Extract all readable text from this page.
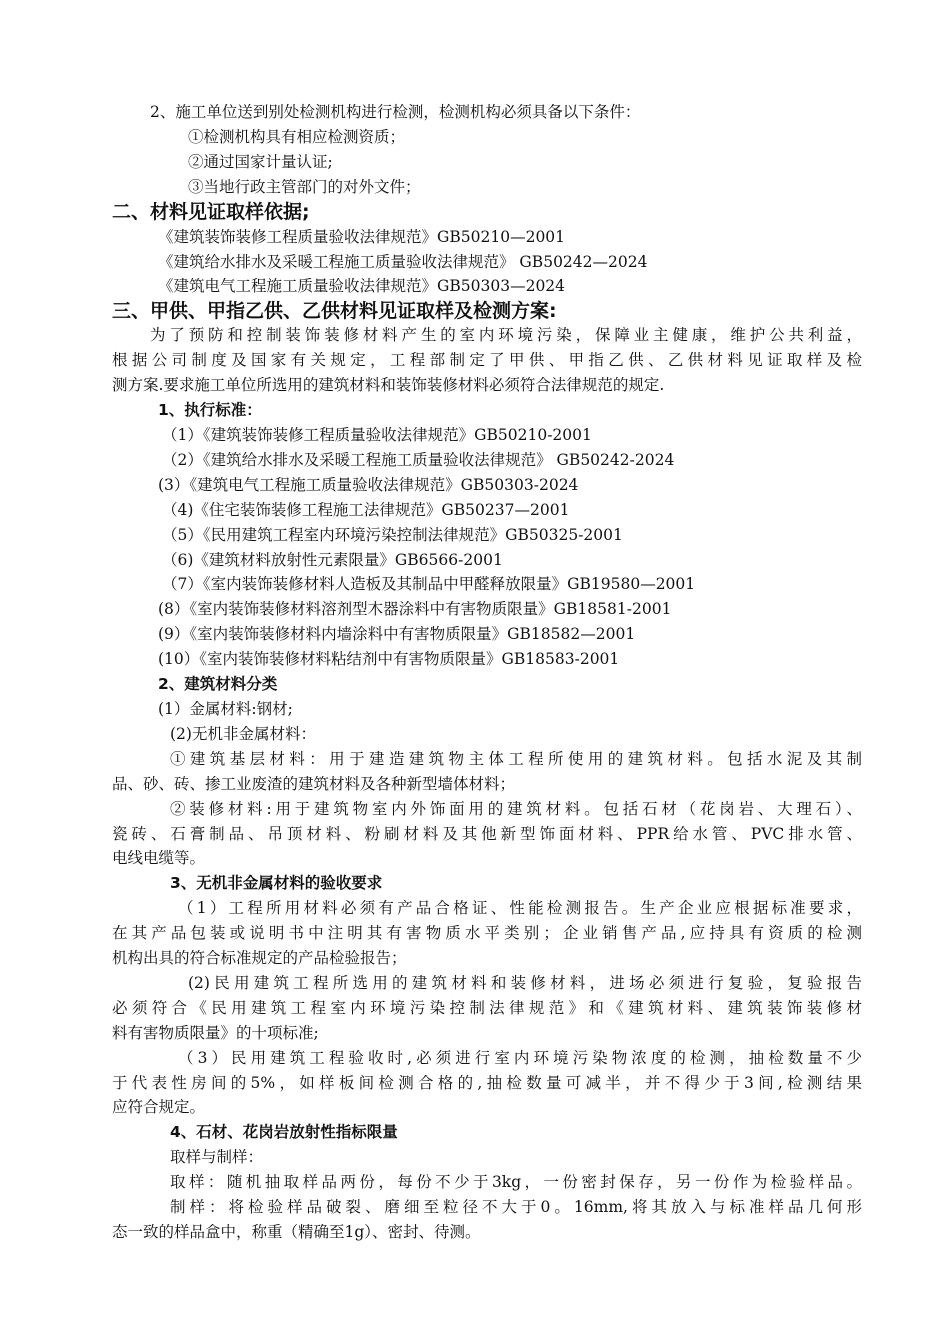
2、施工单位送到别处检测机构进行检测，检测机构必须具备以下条件：
①检测机构具有相应检测资质；
②通过国家计量认证;
③当地行政主管部门的对外文件；
二、材料见证取样依据;
《建筑装饰装修工程质量验收法律规范》GB50210—2001
《建筑给水排水及采暖工程施工质量验收法律规范》 GB50242—2024
《建筑电气工程施工质量验收法律规范》GB50303—2024
三、甲供、甲指乙供、乙供材料见证取样及检测方案:
为了预防和控制装饰装修材料产生的室内环境污染，保障业主健康，维护公共利益，
根据公司制度及国家有关规定，工程部制定了甲供、甲指乙供、乙供材料见证取样及检
测方案.要求施工单位所选用的建筑材料和装饰装修材料必须符合法律规范的规定.
1、执行标准：
（1）《建筑装饰装修工程质量验收法律规范》GB50210-2001
（2）《建筑给水排水及采暖工程施工质量验收法律规范》 GB50242-2024
(3）《建筑电气工程施工质量验收法律规范》GB50303-2024
（4)《住宅装饰装修工程施工法律规范》GB50237—2001
（5）《民用建筑工程室内环境污染控制法律规范》GB50325-2001
（6)《建筑材料放射性元素限量》GB6566-2001
（7）《室内装饰装修材料人造板及其制品中甲醛释放限量》GB19580—2001
(8）《室内装饰装修材料溶剂型木器涂料中有害物质限量》GB18581-2001
(9）《室内装饰装修材料内墙涂料中有害物质限量》GB18582—2001
(10）《室内装饰装修材料粘结剂中有害物质限量》GB18583-2001
2、建筑材料分类
(1）金属材料:钢材;
(2)无机非金属材料：
①建筑基层材料：用于建造建筑物主体工程所使用的建筑材料。包括水泥及其制
品、砂、砖、掺工业废渣的建筑材料及各种新型墙体材料；
②装修材料:用于建筑物室内外饰面用的建筑材料。包括石材（花岗岩、大理石）、
瓷砖、石膏制品、吊顶材料、粉刷材料及其他新型饰面材料、PPR给水管、PVC排水管、
电线电缆等。
3、无机非金属材料的验收要求
（1）工程所用材料必须有产品合格证、性能检测报告。生产企业应根据标准要求，
在其产品包装或说明书中注明其有害物质水平类别；企业销售产品,应持具有资质的检测
机构出具的符合标准规定的产品检验报告；
(2)民用建筑工程所选用的建筑材料和装修材料，进场必须进行复验，复验报告
必须符合《民用建筑工程室内环境污染控制法律规范》和《建筑材料、建筑装饰装修材
料有害物质限量》的十项标准;
（3）民用建筑工程验收时,必须进行室内环境污染物浓度的检测，抽检数量不少
于代表性房间的5%，如样板间检测合格的,抽检数量可减半，并不得少于3间,检测结果
应符合规定。
4、石材、花岗岩放射性指标限量
取样与制样：
取样：随机抽取样品两份，每份不少于3kg，一份密封保存，另一份作为检验样品。
制样：将检验样品破裂、磨细至粒径不大于0。16mm,将其放入与标准样品几何形
态一致的样品盒中，称重（精确至1g）、密封、待测。
